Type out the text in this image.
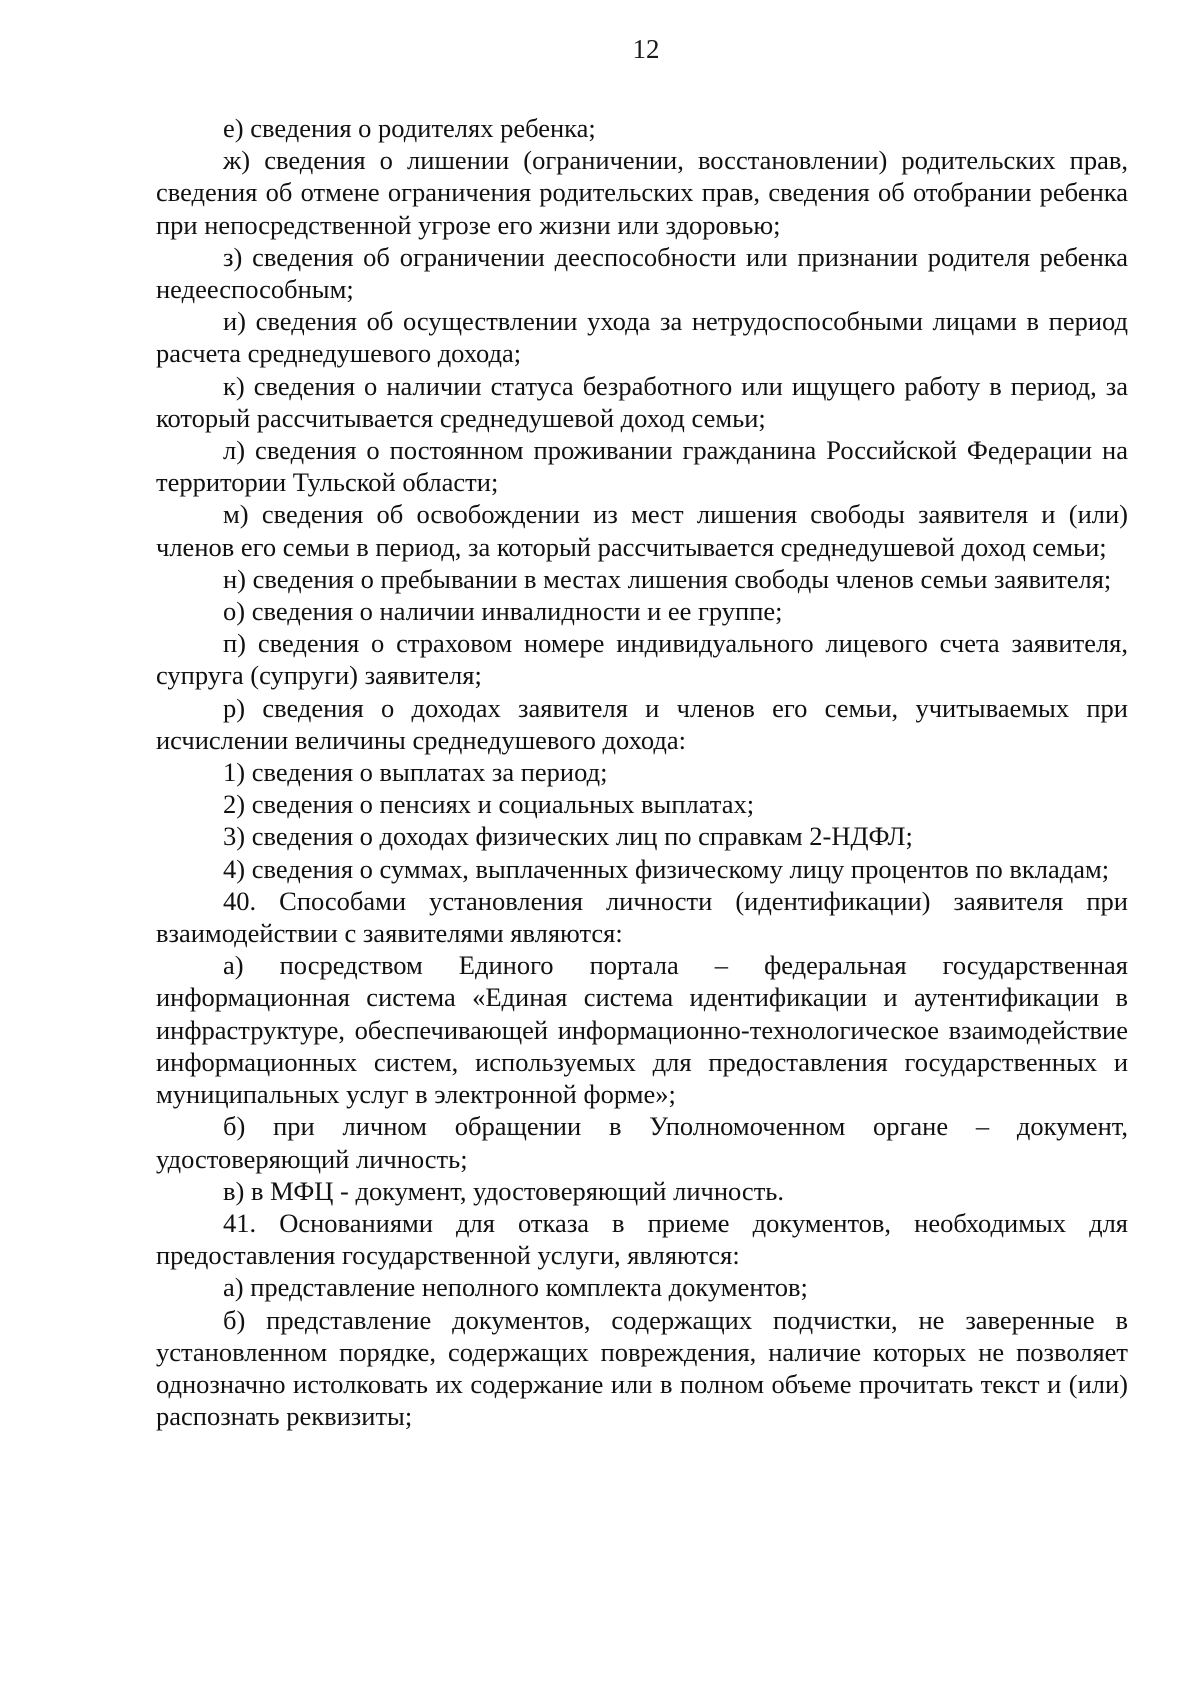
12

е) сведения о родителях ребенка;

ж) сведения о лишении (ограничении, восстановлении) родительских прав, сведения об отмене ограничения родительских прав, сведения об отобрании ребенка при непосредственной угрозе его жизни или здоровью;

з) сведения об ограничении дееспособности или признании родителя ребенка недееспособным;

и) сведения об осуществлении ухода за нетрудоспособными лицами в период расчета среднедушевого дохода;

к) сведения о наличии статуса безработного или ищущего работу в период, за который рассчитывается среднедушевой доход семьи;

л) сведения о постоянном проживании гражданина Российской Федерации на территории Тульской области;

м) сведения об освобождении из мест лишения свободы заявителя и (или) членов его семьи в период, за который рассчитывается среднедушевой доход семьи;

н) сведения о пребывании в местах лишения свободы членов семьи заявителя;

о) сведения о наличии инвалидности и ее группе;

п) сведения о страховом номере индивидуального лицевого счета заявителя, супруга (супруги) заявителя;

р) сведения о доходах заявителя и членов его семьи, учитываемых при исчислении величины среднедушевого дохода:

1) сведения о выплатах за период;

2) сведения о пенсиях и социальных выплатах;

3) сведения о доходах физических лиц по справкам 2-НДФЛ;

4) сведения о суммах, выплаченных физическому лицу процентов по вкладам;

40. Способами установления личности (идентификации) заявителя при взаимодействии с заявителями являются:

а) посредством Единого портала – федеральная государственная информационная система «Единая система идентификации и аутентификации в инфраструктуре, обеспечивающей информационно-технологическое взаимодействие информационных систем, используемых для предоставления государственных и муниципальных услуг в электронной форме»;

б) при личном обращении в Уполномоченном органе – документ, удостоверяющий личность;

в) в МФЦ - документ, удостоверяющий личность.

41. Основаниями для отказа в приеме документов, необходимых для предоставления государственной услуги, являются:

а) представление неполного комплекта документов;

б) представление документов, содержащих подчистки, не заверенные в установленном порядке, содержащих повреждения, наличие которых не позволяет однозначно истолковать их содержание или в полном объеме прочитать текст и (или) распознать реквизиты;
